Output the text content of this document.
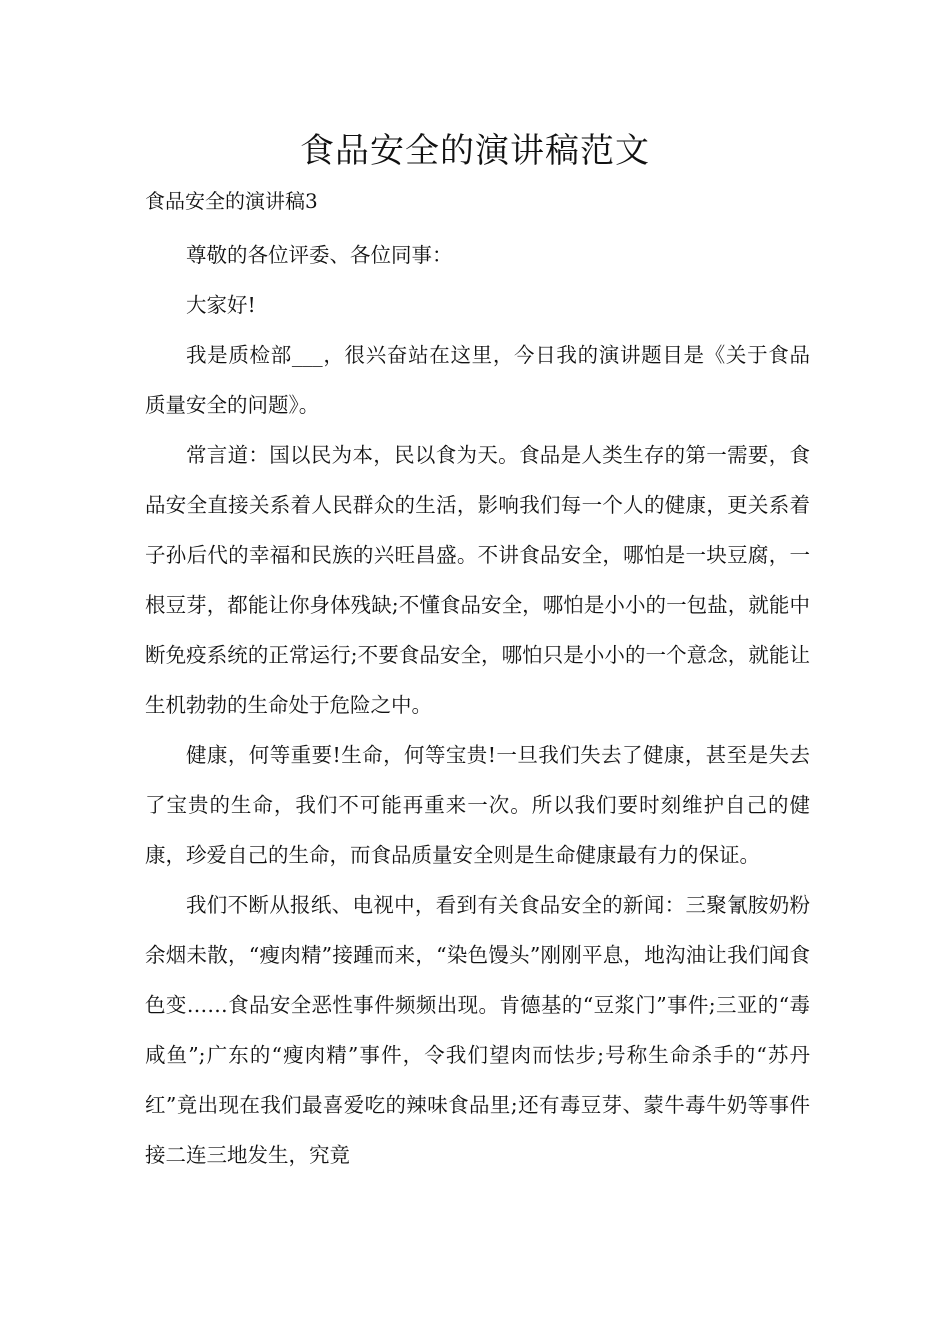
食品安全的演讲稿范文

食品安全的演讲稿3

尊敬的各位评委、各位同事：

大家好!

我是质检部___，很兴奋站在这里，今日我的演讲题目是《关于食品质量安全的问题》。

常言道：国以民为本，民以食为天。食品是人类生存的第一需要，食品安全直接关系着人民群众的生活，影响我们每一个人的健康，更关系着子孙后代的幸福和民族的兴旺昌盛。不讲食品安全，哪怕是一块豆腐，一根豆芽，都能让你身体残缺;不懂食品安全，哪怕是小小的一包盐，就能中断免疫系统的正常运行;不要食品安全，哪怕只是小小的一个意念，就能让生机勃勃的生命处于危险之中。

健康，何等重要!生命，何等宝贵!一旦我们失去了健康，甚至是失去了宝贵的生命，我们不可能再重来一次。所以我们要时刻维护自己的健康，珍爱自己的生命，而食品质量安全则是生命健康最有力的保证。

我们不断从报纸、电视中，看到有关食品安全的新闻：三聚氰胺奶粉余烟未散，“瘦肉精”接踵而来，“染色馒头”刚刚平息，地沟油让我们闻食色变……食品安全恶性事件频频出现。肯德基的“豆浆门”事件;三亚的“毒咸鱼”;广东的“瘦肉精”事件，令我们望肉而怯步;号称生命杀手的“苏丹红”竟出现在我们最喜爱吃的辣味食品里;还有毒豆芽、蒙牛毒牛奶等事件接二连三地发生，究竟
